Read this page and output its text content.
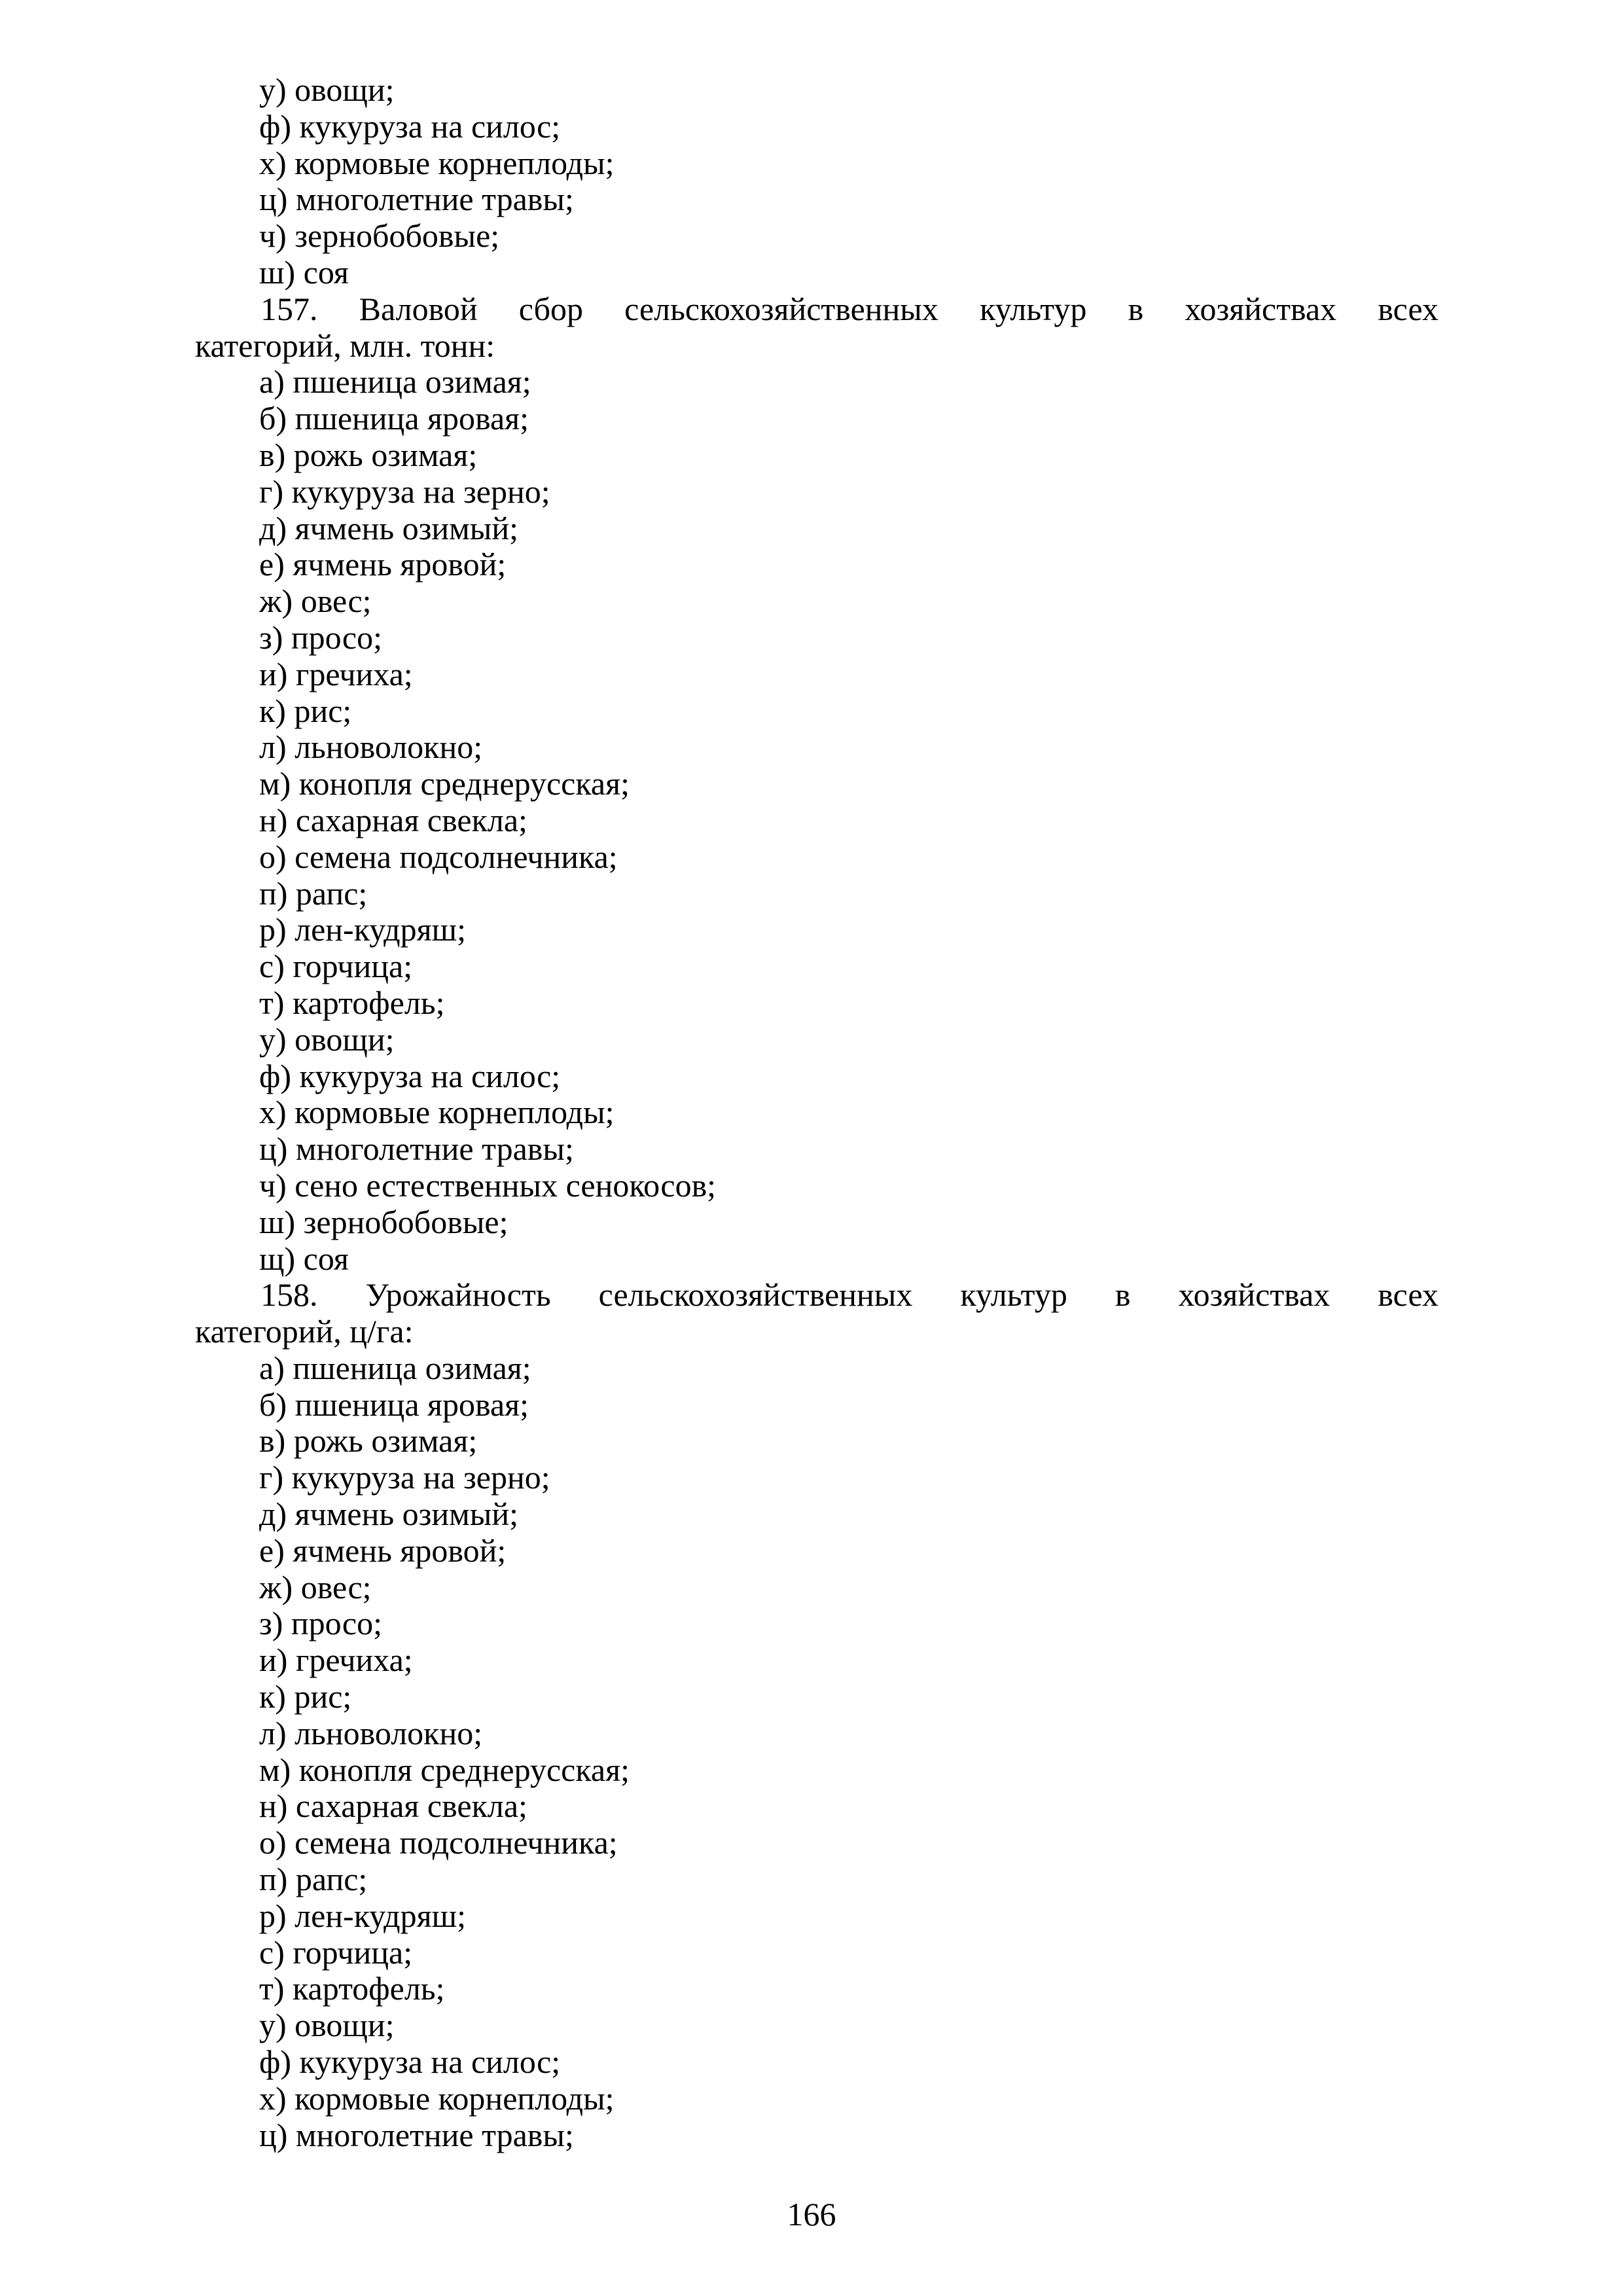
у) овощи;
ф) кукуруза на силос;
х) кормовые корнеплоды;
ц) многолетние травы;
ч) зернобобовые;
ш) соя
157. Валовой сбор сельскохозяйственных культур в хозяйствах всех
категорий, млн. тонн:
а) пшеница озимая;
б) пшеница яровая;
в) рожь озимая;
г) кукуруза на зерно;
д) ячмень озимый;
е) ячмень яровой;
ж) овес;
з) просо;
и) гречиха;
к) рис;
л) льноволокно;
м) конопля среднерусская;
н) сахарная свекла;
о) семена подсолнечника;
п) рапс;
р) лен-кудряш;
с) горчица;
т) картофель;
у) овощи;
ф) кукуруза на силос;
х) кормовые корнеплоды;
ц) многолетние травы;
ч) сено естественных сенокосов;
ш) зернобобовые;
щ) соя
158. Урожайность сельскохозяйственных культур в хозяйствах всех
категорий, ц/га:
а) пшеница озимая;
б) пшеница яровая;
в) рожь озимая;
г) кукуруза на зерно;
д) ячмень озимый;
е) ячмень яровой;
ж) овес;
з) просо;
и) гречиха;
к) рис;
л) льноволокно;
м) конопля среднерусская;
н) сахарная свекла;
о) семена подсолнечника;
п) рапс;
р) лен-кудряш;
с) горчица;
т) картофель;
у) овощи;
ф) кукуруза на силос;
х) кормовые корнеплоды;
ц) многолетние травы;
166
